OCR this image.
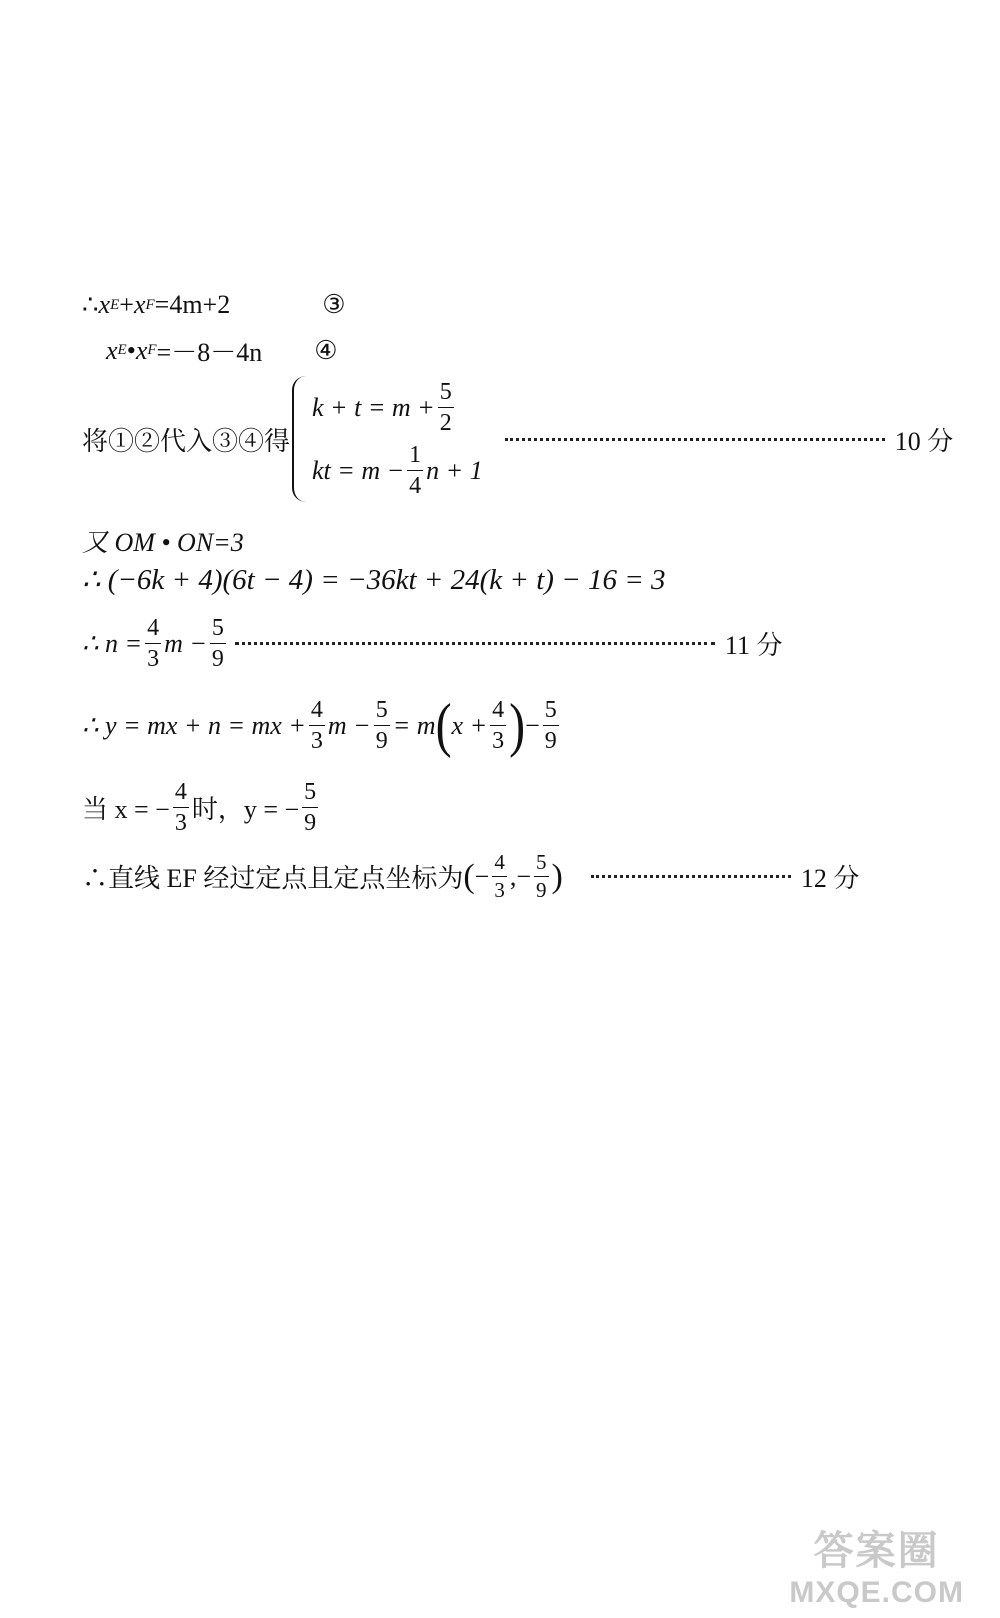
∴ x E + x F =4m+2	③
x E • x F =－8－4n ④
将①②代入③④得
$k + t = m + \frac{5}{2}$
kt = $m - \frac{1}{4}$ n + 1
10 分
又 OM • ON=3
∴ (−6k + 4)(6t − 4) = −36kt + 24(k + t) − 16 = 3
∴ $n = \frac{4}{3}$ $m - \frac{5}{9}$	11 分
∴ y = mx + n = mx + $\frac{4}{3}$ $m - \frac{5}{9} = m$ ( $x + \frac{4}{3}$ ) − $\frac{5}{9}$
当 x = − $\frac{4}{3}$ 时，y = − $\frac{5}{9}$
∴直线 EF 经过定点且定点坐标为 ( − $\frac{4}{3}$ , − $\frac{5}{9}$ )	12 分
答案圈
MXQE.COM
